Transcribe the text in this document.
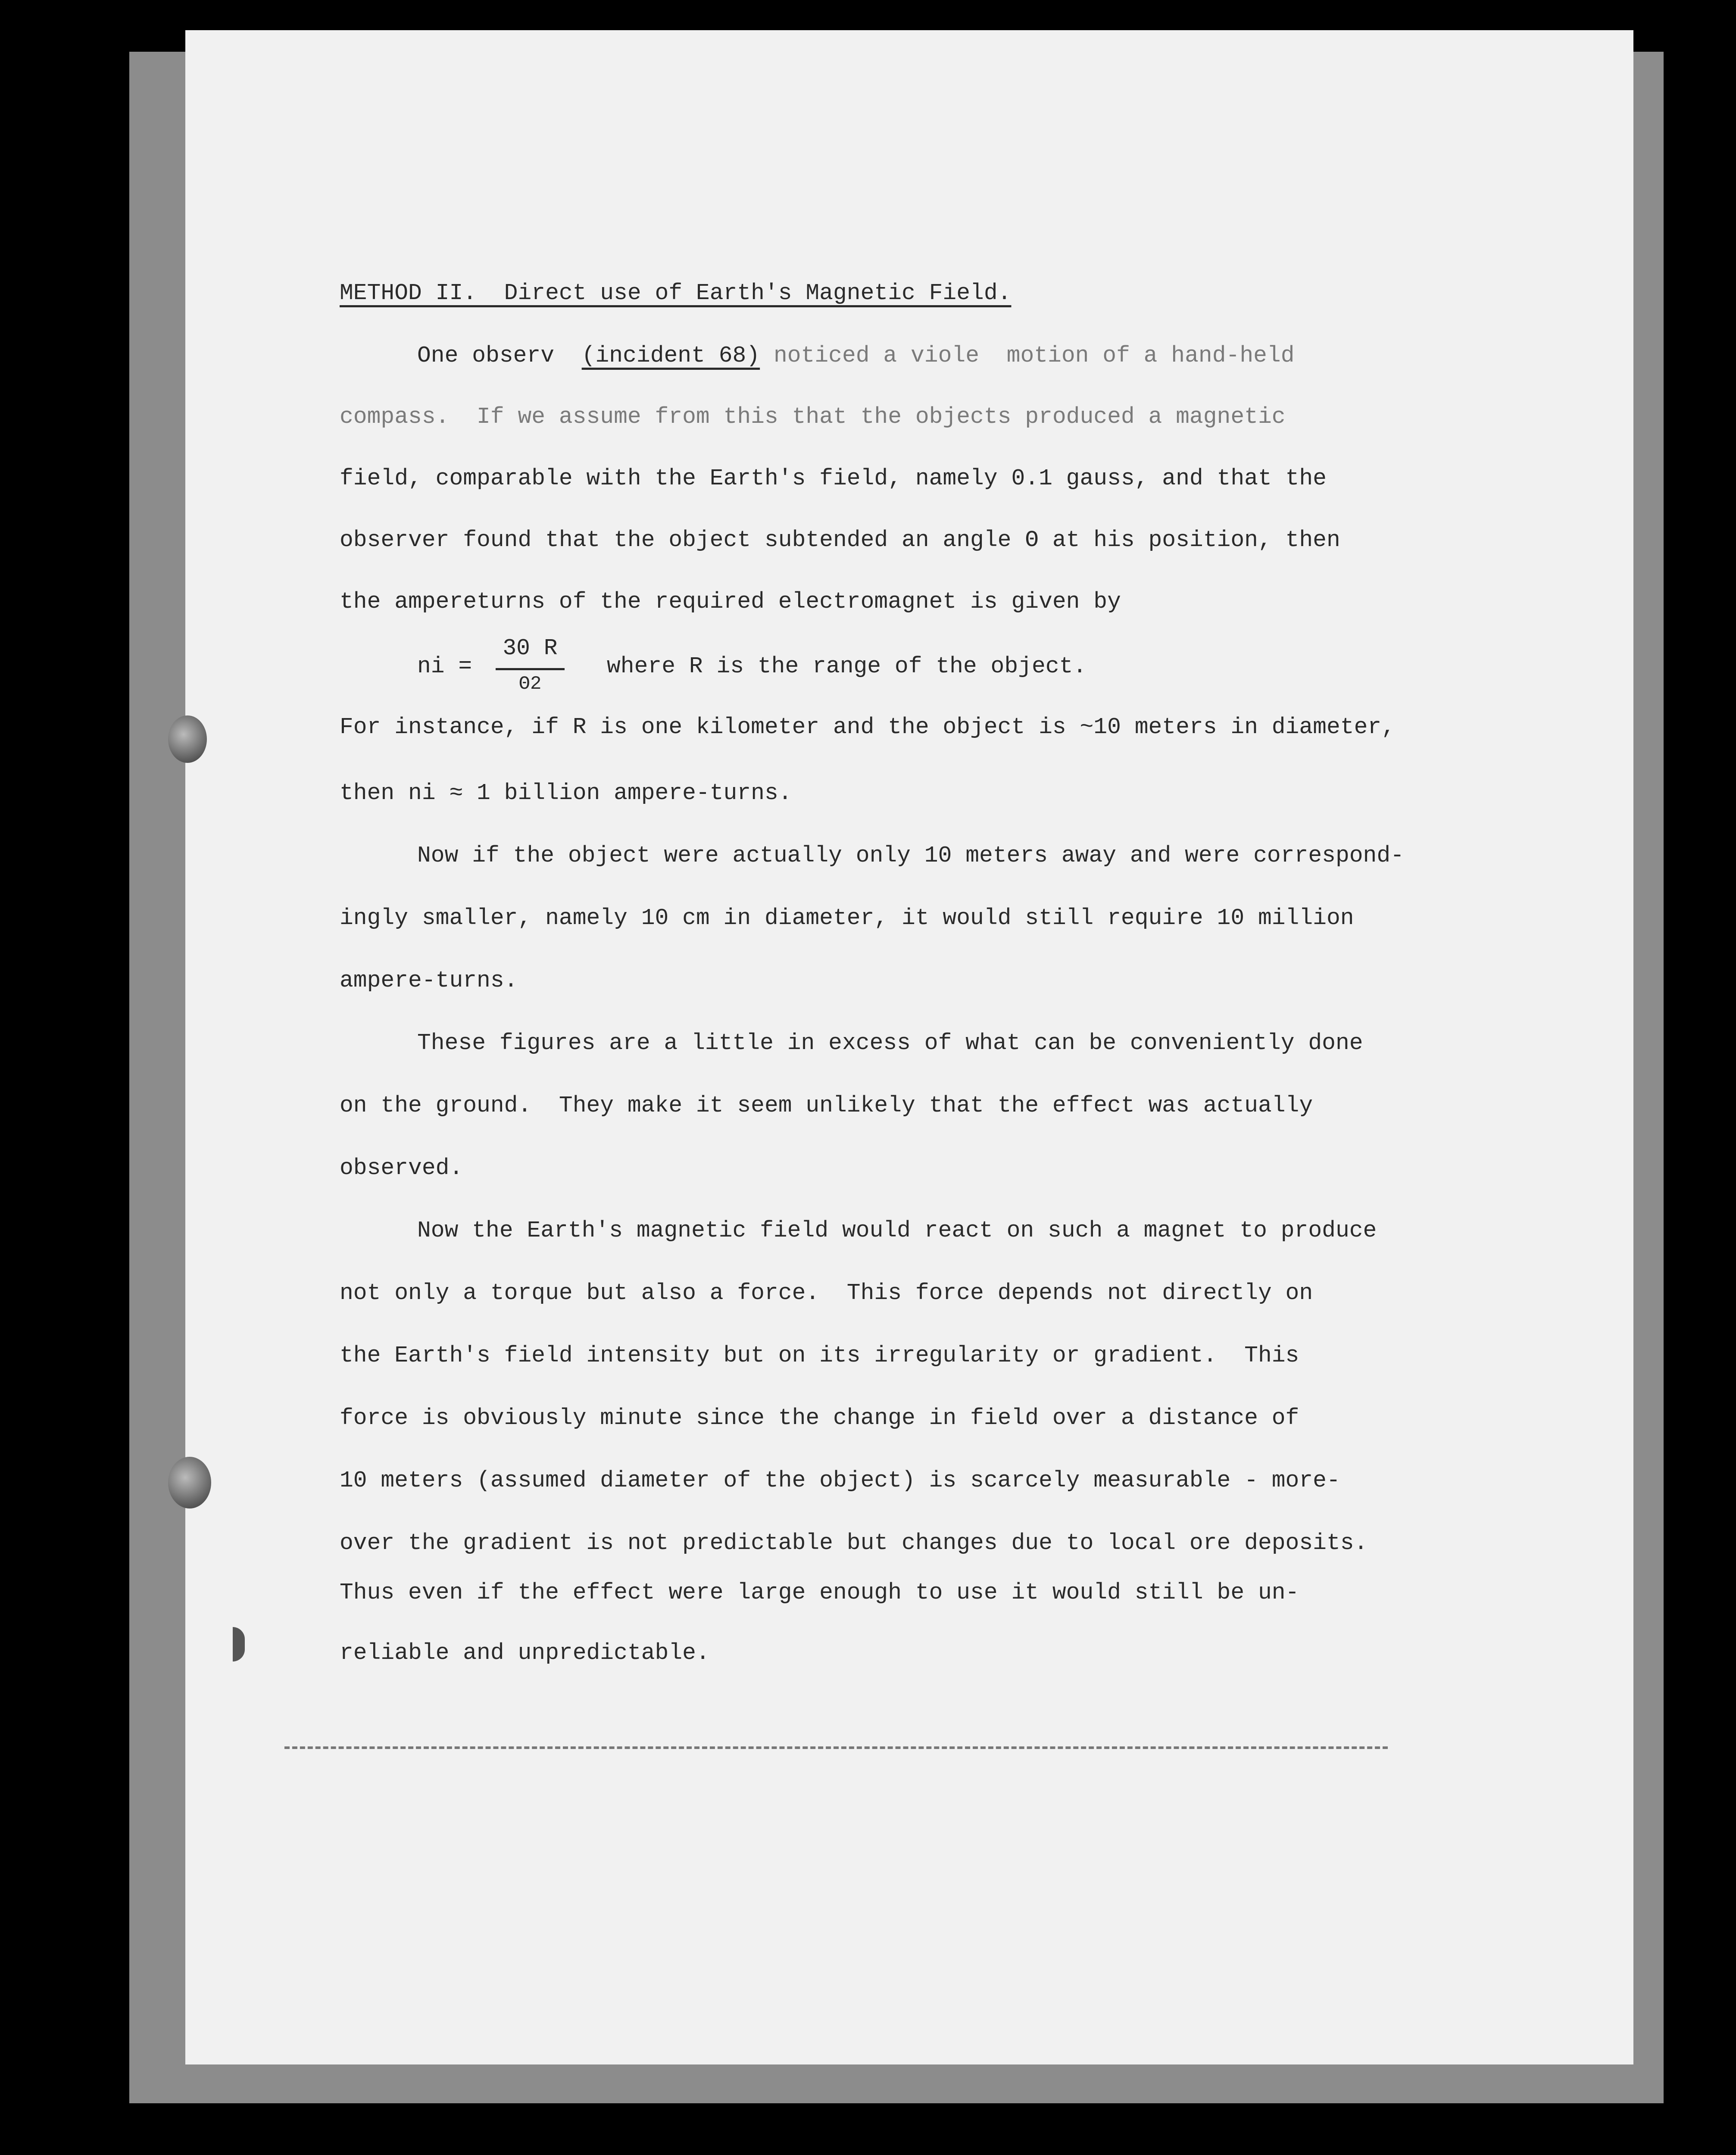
METHOD II.  Direct use of Earth's Magnetic Field.
One observ  (incident 68) noticed a viole  motion of a hand-held
compass.  If we assume from this that the objects produced a magnetic
field, comparable with the Earth's field, namely 0.1 gauss, and that the
observer found that the object subtended an angle Θ at his position, then
the ampereturns of the required electromagnet is given by
ni =
30 R
Θ2
where R is the range of the object.
For instance, if R is one kilometer and the object is ~10 meters in diameter,
then ni ≈ 1 billion ampere-turns.
Now if the object were actually only 10 meters away and were correspond-
ingly smaller, namely 10 cm in diameter, it would still require 10 million
ampere-turns.
These figures are a little in excess of what can be conveniently done
on the ground.  They make it seem unlikely that the effect was actually
observed.
Now the Earth's magnetic field would react on such a magnet to produce
not only a torque but also a force.  This force depends not directly on
the Earth's field intensity but on its irregularity or gradient.  This
force is obviously minute since the change in field over a distance of
10 meters (assumed diameter of the object) is scarcely measurable - more-
over the gradient is not predictable but changes due to local ore deposits.
Thus even if the effect were large enough to use it would still be un-
reliable and unpredictable.
